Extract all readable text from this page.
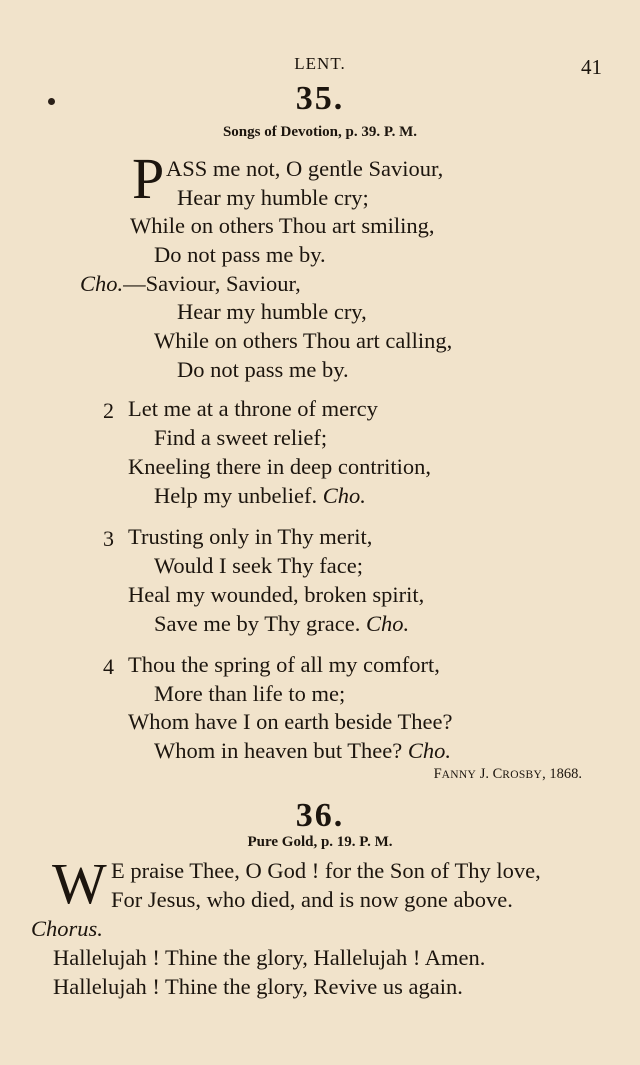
LENT.	41
35.
Songs of Devotion, p. 39. P. M.
P ASS me not, O gentle Saviour,
Hear my humble cry;
While on others Thou art smiling,
Do not pass me by.
Cho.—Saviour, Saviour,
Hear my humble cry,
While on others Thou art calling,
Do not pass me by.
2 Let me at a throne of mercy
Find a sweet relief;
Kneeling there in deep contrition,
Help my unbelief. Cho.
3 Trusting only in Thy merit,
Would I seek Thy face;
Heal my wounded, broken spirit,
Save me by Thy grace. Cho.
4 Thou the spring of all my comfort,
More than life to me;
Whom have I on earth beside Thee?
Whom in heaven but Thee? Cho.
FANNY J. CROSBY, 1868.
36.
Pure Gold, p. 19. P. M.
W E praise Thee, O God ! for the Son of Thy love,
For Jesus, who died, and is now gone above.
Chorus.
Hallelujah ! Thine the glory, Hallelujah ! Amen.
Hallelujah ! Thine the glory, Revive us again.
